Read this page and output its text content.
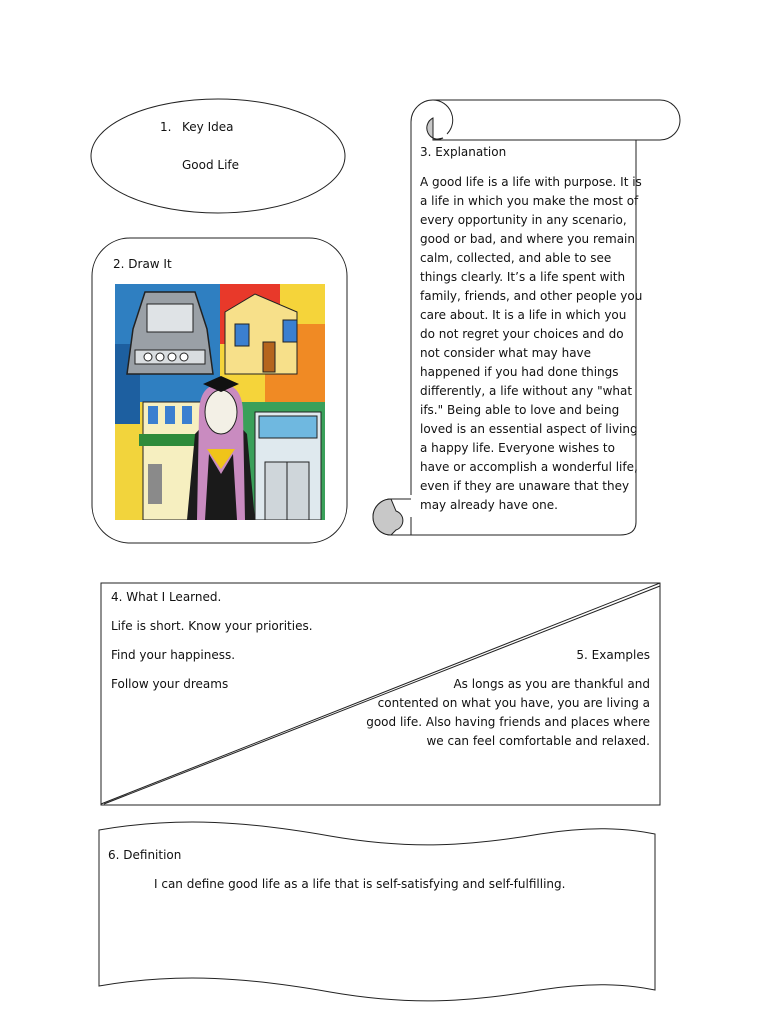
1. Key Idea
Good Life
2. Draw It
3. Explanation
A good life is a life with purpose. It is
a life in which you make the most of
every opportunity in any scenario,
good or bad, and where you remain
calm, collected, and able to see
things clearly. It’s a life spent with
family, friends, and other people you
care about. It is a life in which you
do not regret your choices and do
not consider what may have
happened if you had done things
differently, a life without any "what
ifs." Being able to love and being
loved is an essential aspect of living
a happy life. Everyone wishes to
have or accomplish a wonderful life,
even if they are unaware that they
may already have one.
4. What I Learned.
Life is short. Know your priorities.
Find your happiness.
Follow your dreams
5. Examples
As longs as you are thankful and
contented on what you have, you are living a
good life. Also having friends and places where
we can feel comfortable and relaxed.
6. Definition
I can define good life as a life that is self-satisfying and self-fulfilling.
